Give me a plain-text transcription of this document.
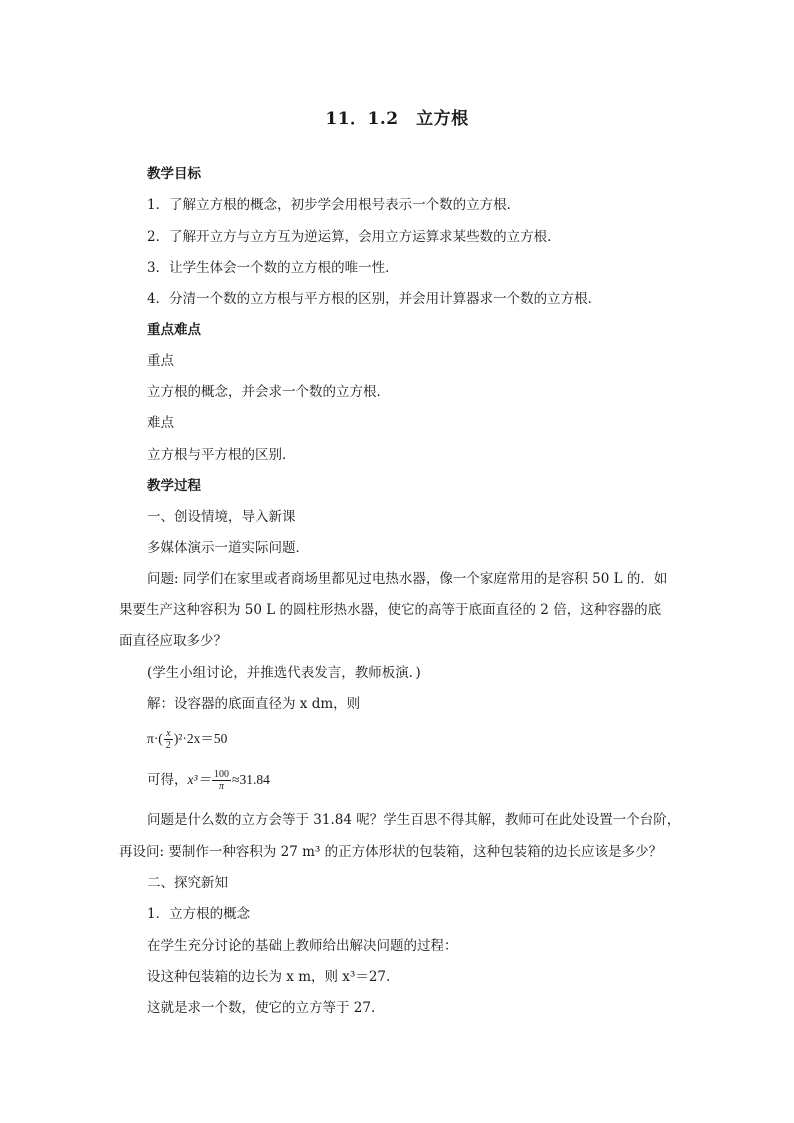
11．1.2　立方根
教学目标
1．了解立方根的概念，初步学会用根号表示一个数的立方根．
2．了解开立方与立方互为逆运算，会用立方运算求某些数的立方根．
3．让学生体会一个数的立方根的唯一性．
4．分清一个数的立方根与平方根的区别，并会用计算器求一个数的立方根．
重点难点
重点
立方根的概念，并会求一个数的立方根．
难点
立方根与平方根的区别．
教学过程
一、创设情境，导入新课
多媒体演示一道实际问题．
问题: 同学们在家里或者商场里都见过电热水器，像一个家庭常用的是容积 50 L 的．如
果要生产这种容积为 50 L 的圆柱形热水器，使它的高等于底面直径的 2 倍，这种容器的底
面直径应取多少？
(学生小组讨论，并推选代表发言，教师板演．)
解：设容器的底面直径为 x dm，则
$\pi\cdot( \frac{x}{2} )^2\cdot 2x=50$
可得，$x^3= \frac{100}{\pi} \approx 31.84$
问题是什么数的立方会等于 31.84 呢？学生百思不得其解，教师可在此处设置一个台阶，
再设问: 要制作一种容积为 27 m³ 的正方体形状的包装箱，这种包装箱的边长应该是多少？
二、探究新知
1．立方根的概念
在学生充分讨论的基础上教师给出解决问题的过程：
设这种包装箱的边长为 x m，则 x³＝27.
这就是求一个数，使它的立方等于 27.
